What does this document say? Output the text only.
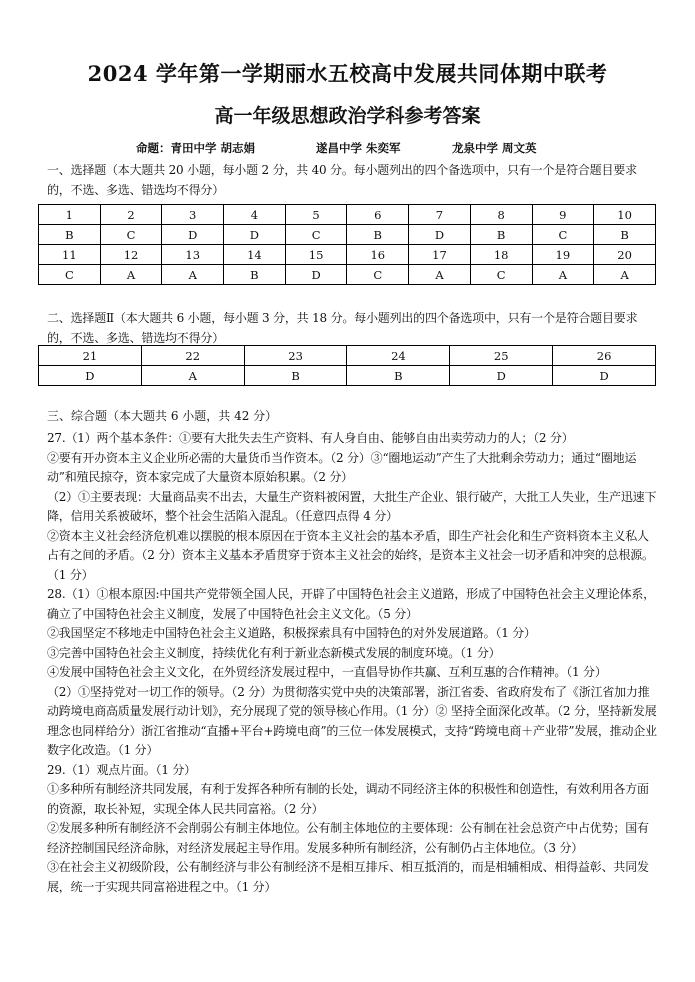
2024 学年第一学期丽水五校高中发展共同体期中联考
高一年级思想政治学科参考答案
命题：青田中学 胡志娟	遂昌中学 朱奕军	龙泉中学 周文英
一、选择题（本大题共 20 小题，每小题 2 分，共 40 分。每小题列出的四个备选项中，只有一个是符合题目要求的，不选、多选、错选均不得分）
1	2	3	4	5	6	7	8	9	10
B	C	D	D	C	B	D	B	C	B
11	12	13	14	15	16	17	18	19	20
C	A	A	B	D	C	A	C	A	A
二、选择题Ⅱ（本大题共 6 小题，每小题 3 分，共 18 分。每小题列出的四个备选项中，只有一个是符合题目要求的，不选、多选、错选均不得分）
21	22	23	24	25	26
D	A	B	B	D	D
三、综合题（本大题共 6 小题，共 42 分）

27.（1）两个基本条件：①要有大批失去生产资料、有人身自由、能够自由出卖劳动力的人；（2 分）

②要有开办资本主义企业所必需的大量货币当作资本。（2 分）③“圈地运动”产生了大批剩余劳动力；通过“圈地运动”和殖民掠夺，资本家完成了大量资本原始积累。（2 分）

（2）①主要表现：大量商品卖不出去，大量生产资料被闲置，大批生产企业、银行破产，大批工人失业，生产迅速下降，信用关系被破坏，整个社会生活陷入混乱。（任意四点得 4 分）

②资本主义社会经济危机难以摆脱的根本原因在于资本主义社会的基本矛盾，即生产社会化和生产资料资本主义私人占有之间的矛盾。（2 分）资本主义基本矛盾贯穿于资本主义社会的始终，是资本主义社会一切矛盾和冲突的总根源。（1 分）

28.（1）①根本原因:中国共产党带领全国人民，开辟了中国特色社会主义道路，形成了中国特色社会主义理论体系，确立了中国特色社会主义制度，发展了中国特色社会主义文化。（5 分）

②我国坚定不移地走中国特色社会主义道路，积极探索具有中国特色的对外发展道路。（1 分）

③完善中国特色社会主义制度，持续优化有利于新业态新模式发展的制度环境。（1 分）

④发展中国特色社会主义文化，在外贸经济发展过程中，一直倡导协作共赢、互利互惠的合作精神。（1 分）

（2）①坚持党对一切工作的领导。（2 分）为贯彻落实党中央的决策部署，浙江省委、省政府发布了《浙江省加力推动跨境电商高质量发展行动计划》，充分展现了党的领导核心作用。（1 分）② 坚持全面深化改革。（2 分，坚持新发展理念也同样给分）浙江省推动“直播+平台+跨境电商”的三位一体发展模式，支持“跨境电商＋产业带”发展，推动企业数字化改造。（1 分）

29.（1）观点片面。（1 分）

①多种所有制经济共同发展，有利于发挥各种所有制的长处，调动不同经济主体的积极性和创造性，有效利用各方面的资源，取长补短，实现全体人民共同富裕。（2 分）

②发展多种所有制经济不会削弱公有制主体地位。公有制主体地位的主要体现：公有制在社会总资产中占优势；国有经济控制国民经济命脉，对经济发展起主导作用。发展多种所有制经济，公有制仍占主体地位。（3 分）

③在社会主义初级阶段，公有制经济与非公有制经济不是相互排斥、相互抵消的，而是相辅相成、相得益彰、共同发展，统一于实现共同富裕进程之中。（1 分）
